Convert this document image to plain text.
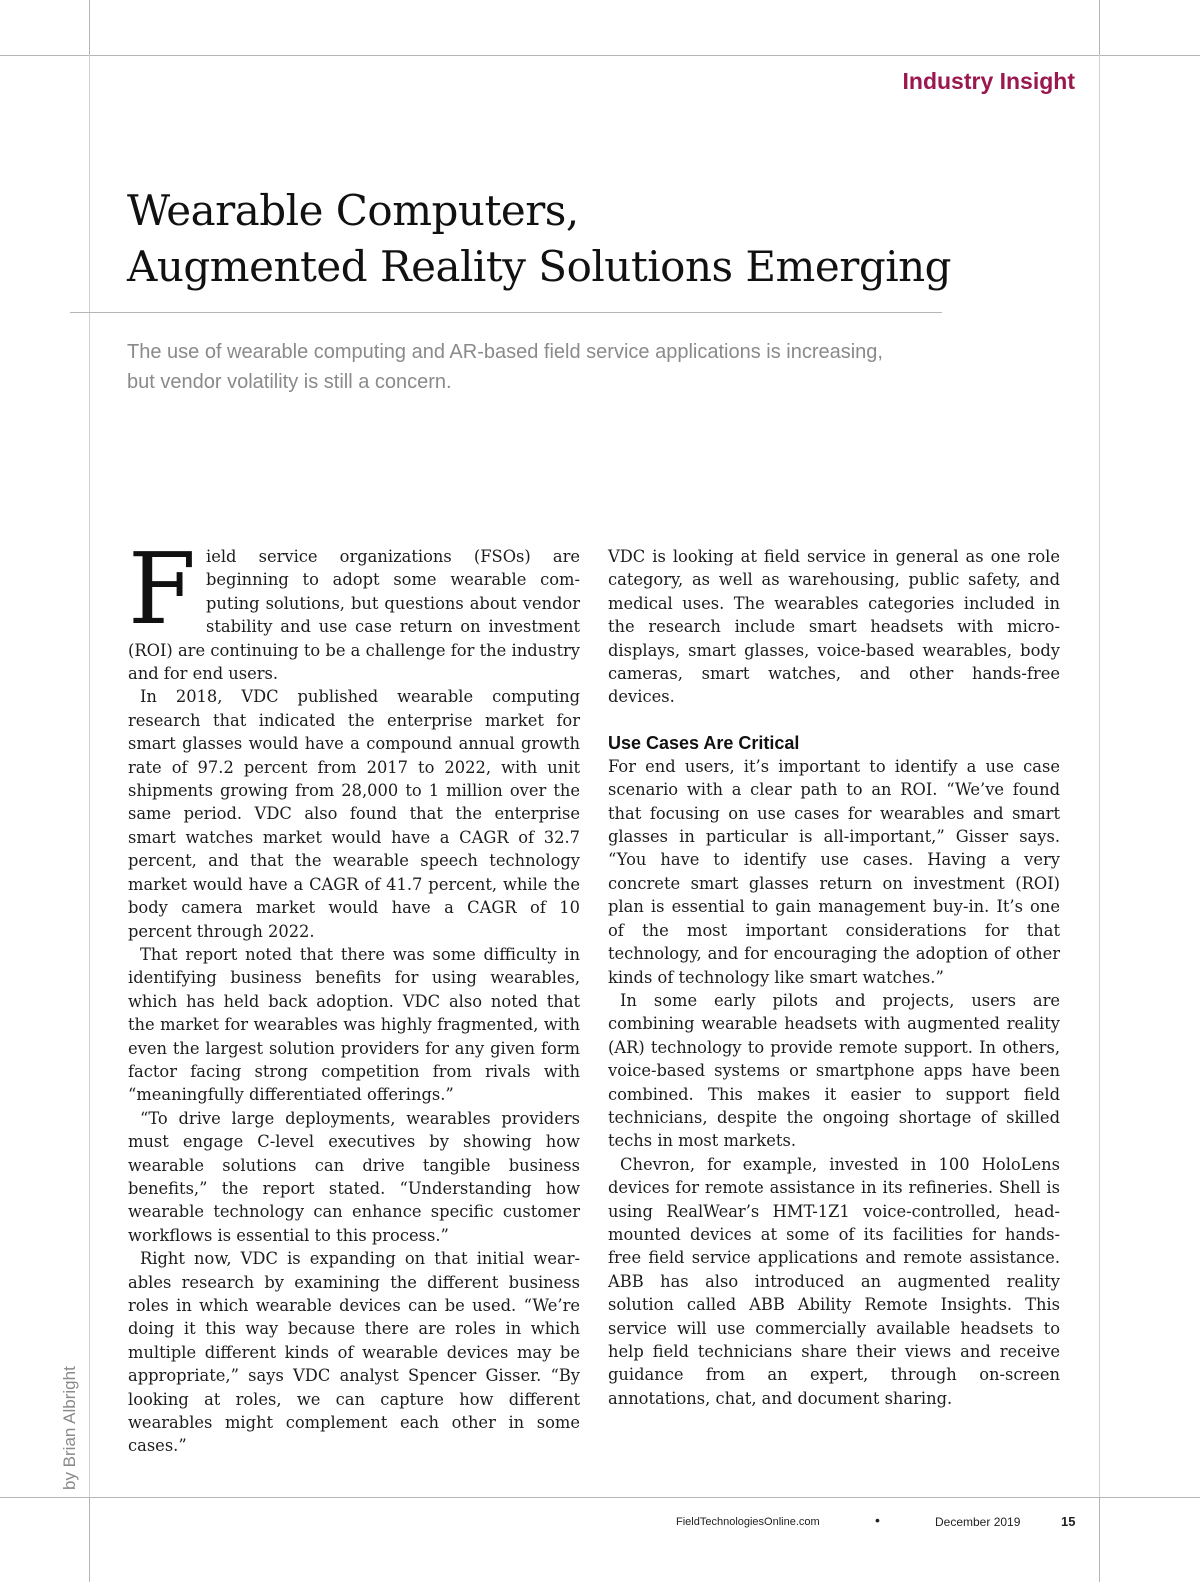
Industry Insight
Wearable Computers,
Augmented Reality Solutions Emerging

The use of wearable computing and AR-based field service applications is increasing, but vendor volatility is still a concern.

by Brian Albright

Field service organizations (FSOs) are beginning to adopt some wearable computing solutions, but questions about vendor stability and use case return on investment (ROI) are continuing to be a challenge for the industry and for end users.

In 2018, VDC published wearable computing research that indicated the enterprise market for smart glasses would have a compound annual growth rate of 97.2 percent from 2017 to 2022, with unit shipments growing from 28,000 to 1 million over the same period. VDC also found that the enterprise smart watches market would have a CAGR of 32.7 percent, and that the wearable speech technology market would have a CAGR of 41.7 percent, while the body camera market would have a CAGR of 10 percent through 2022.

That report noted that there was some difficulty in identifying business benefits for using wearables, which has held back adoption. VDC also noted that the market for wearables was highly fragmented, with even the largest solution providers for any given form factor facing strong competition from rivals with “meaningfully differentiated offerings.”

“To drive large deployments, wearables providers must engage C-level executives by showing how wearable solutions can drive tangible business benefits,” the report stated. “Understanding how wearable technology can enhance specific customer workflows is essential to this process.”

Right now, VDC is expanding on that initial wearables research by examining the different business roles in which wearable devices can be used. “We’re doing it this way because there are roles in which multiple different kinds of wearable devices may be appropriate,” says VDC analyst Spencer Gisser. “By looking at roles, we can capture how different wearables might complement each other in some cases.”

VDC is looking at field service in general as one role category, as well as warehousing, public safety, and medical uses. The wearables categories included in the research include smart headsets with micro-displays, smart glasses, voice-based wearables, body cameras, smart watches, and other hands-free devices.

Use Cases Are Critical

For end users, it’s important to identify a use case scenario with a clear path to an ROI. “We’ve found that focusing on use cases for wearables and smart glasses in particular is all-important,” Gisser says. “You have to identify use cases. Having a very concrete smart glasses return on investment (ROI) plan is essential to gain management buy-in. It’s one of the most important considerations for that technology, and for encouraging the adoption of other kinds of technology like smart watches.”

In some early pilots and projects, users are combining wearable headsets with augmented reality (AR) technology to provide remote support. In others, voice-based systems or smartphone apps have been combined. This makes it easier to support field technicians, despite the ongoing shortage of skilled techs in most markets.

Chevron, for example, invested in 100 HoloLens devices for remote assistance in its refineries. Shell is using RealWear’s HMT-1Z1 voice-controlled, head-mounted devices at some of its facilities for hands-free field service applications and remote assistance. ABB has also introduced an augmented reality solution called ABB Ability Remote Insights. This service will use commercially available headsets to help field technicians share their views and receive guidance from an expert, through on-screen annotations, chat, and document sharing.

FieldTechnologiesOnline.com	•	December 2019	15
